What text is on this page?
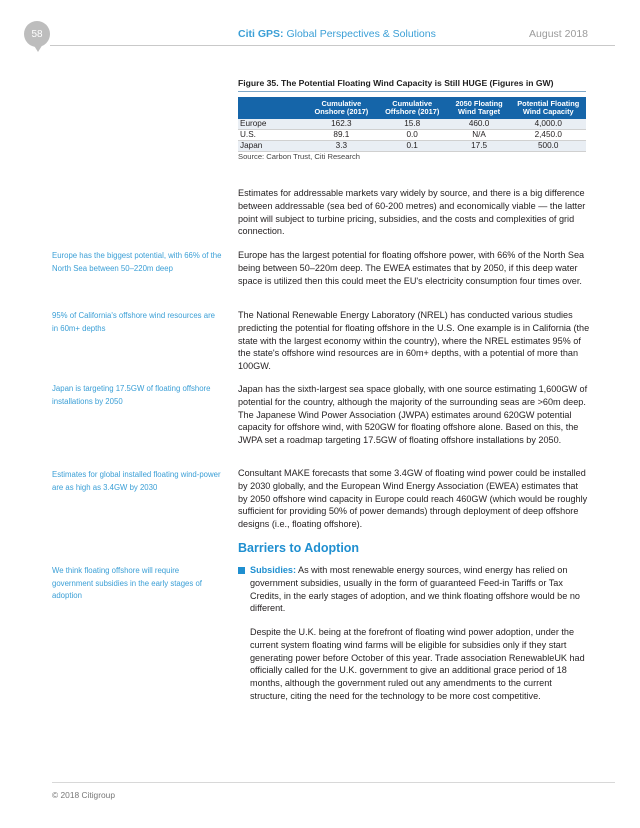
58	Citi GPS: Global Perspectives & Solutions	August 2018
Figure 35. The Potential Floating Wind Capacity is Still HUGE (Figures in GW)
	Cumulative Onshore (2017)	Cumulative Offshore (2017)	2050 Floating Wind Target	Potential Floating Wind Capacity
Europe	162.3	15.8	460.0	4,000.0
U.S.	89.1	0.0	N/A	2,450.0
Japan	3.3	0.1	17.5	500.0
Source: Carbon Trust, Citi Research
Estimates for addressable markets vary widely by source, and there is a big difference between addressable (sea bed of 60-200 metres) and economically viable — the latter point will subject to turbine pricing, subsidies, and the costs and complexities of grid connection.
Europe has the largest potential for floating offshore power, with 66% of the North Sea being between 50–220m deep. The EWEA estimates that by 2050, if this deep water space is utilized then this could meet the EU's electricity consumption four times over.
The National Renewable Energy Laboratory (NREL) has conducted various studies predicting the potential for floating offshore in the U.S. One example is in California (the state with the largest economy within the country), where the NREL estimates 95% of the state's offshore wind resources are in 60m+ depths, with a potential of more than 100GW.
Japan has the sixth-largest sea space globally, with one source estimating 1,600GW of potential for the country, although the majority of the surrounding seas are >60m deep. The Japanese Wind Power Association (JWPA) estimates around 620GW potential capacity for offshore wind, with 520GW for floating offshore alone. Based on this, the JWPA set a roadmap targeting 17.5GW of floating offshore installations by 2050.
Consultant MAKE forecasts that some 3.4GW of floating wind power could be installed by 2030 globally, and the European Wind Energy Association (EWEA) estimates that by 2050 offshore wind capacity in Europe could reach 460GW (which would be roughly sufficient for providing 50% of power demands) through deployment of deep offshore designs (i.e., floating offshore).
Barriers to Adoption
Subsidies: As with most renewable energy sources, wind energy has relied on government subsidies, usually in the form of guaranteed Feed-in Tariffs or Tax Credits, in the early stages of adoption, and we think floating offshore would be no different.
Despite the U.K. being at the forefront of floating wind power adoption, under the current system floating wind farms will be eligible for subsidies only if they start generating power before October of this year. Trade association RenewableUK had officially called for the U.K. government to give an additional grace period of 18 months, although the government ruled out any amendments to the current structure, citing the need for the technology to be more cost competitive.
Europe has the biggest potential, with 66% of the North Sea between 50–220m deep
95% of California's offshore wind resources are in 60m+ depths
Japan is targeting 17.5GW of floating offshore installations by 2050
Estimates for global installed floating wind-power are as high as 3.4GW by 2030
We think floating offshore will require government subsidies in the early stages of adoption
© 2018 Citigroup
